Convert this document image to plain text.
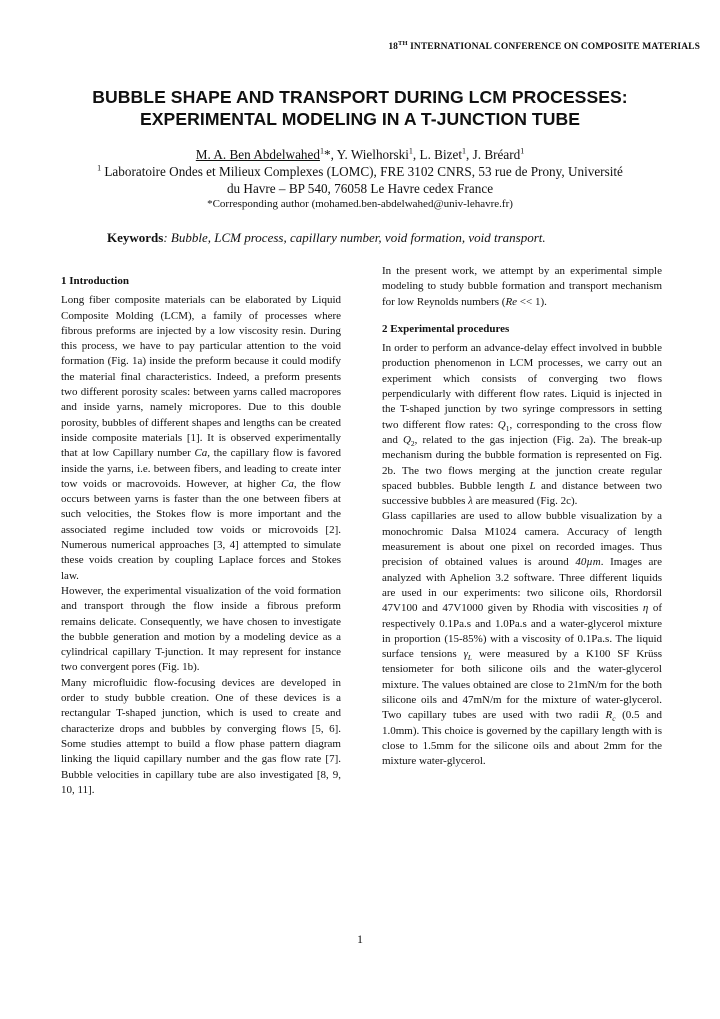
18TH INTERNATIONAL CONFERENCE ON COMPOSITE MATERIALS
BUBBLE SHAPE AND TRANSPORT DURING LCM PROCESSES:
EXPERIMENTAL MODELING IN A T-JUNCTION TUBE
M. A. Ben Abdelwahed$^1$*, Y. Wielhorski$^1$, L. Bizet$^1$, J. Bréard$^1$
$^1$ Laboratoire Ondes et Milieux Complexes (LOMC), FRE 3102 CNRS, 53 rue de Prony, Université
du Havre – BP 540, 76058 Le Havre cedex France
*Corresponding author (mohamed.ben-abdelwahed@univ-lehavre.fr)
Keywords: Bubble, LCM process, capillary number, void formation, void transport.
1 Introduction

Long fiber composite materials can be elaborated by Liquid Composite Molding (LCM), a family of processes where fibrous preforms are injected by a low viscosity resin. During this process, we have to pay particular attention to the void formation (Fig. 1a) inside the preform because it could modify the material final characteristics. Indeed, a preform presents two different porosity scales: between yarns called macropores and inside yarns, namely micropores. Due to this double porosity, bubbles of different shapes and lengths can be created inside composite materials [1]. It is observed experimentally that at low Capillary number Ca, the capillary flow is favored inside the yarns, i.e. between fibers, and leading to create inter tow voids or macrovoids. However, at higher Ca, the flow occurs between yarns is faster than the one between fibers at such velocities, the Stokes flow is more important and the associated regime included tow voids or microvoids [2]. Numerous numerical approaches [3, 4] attempted to simulate these voids creation by coupling Laplace forces and Stokes law.

However, the experimental visualization of the void formation and transport through the flow inside a fibrous preform remains delicate. Consequently, we have chosen to investigate the bubble generation and motion by a modeling device as a cylindrical capillary T-junction. It may represent for instance two convergent pores (Fig. 1b).

Many microfluidic flow-focusing devices are developed in order to study bubble creation. One of these devices is a rectangular T-shaped junction, which is used to create and characterize drops and bubbles by converging flows [5, 6]. Some studies attempt to build a flow phase pattern diagram linking the liquid capillary number and the gas flow rate [7]. Bubble velocities in capillary tube are also investigated [8, 9, 10, 11].

In the present work, we attempt by an experimental simple modeling to study bubble formation and transport mechanism for low Reynolds numbers (Re << 1).

2 Experimental procedures

In order to perform an advance-delay effect involved in bubble production phenomenon in LCM processes, we carry out an experiment which consists of converging two flows perpendicularly with different flow rates. Liquid is injected in the T-shaped junction by two syringe compressors in setting two different flow rates: $Q_1$, corresponding to the cross flow and $Q_2$, related to the gas injection (Fig. 2a). The break-up mechanism during the bubble formation is represented on Fig. 2b. The two flows merging at the junction create regular spaced bubbles. Bubble length L and distance between two successive bubbles λ are measured (Fig. 2c).

Glass capillaries are used to allow bubble visualization by a monochromic Dalsa M1024 camera. Accuracy of length measurement is about one pixel on recorded images. Thus precision of obtained values is around 40µm. Images are analyzed with Aphelion 3.2 software. Three different liquids are used in our experiments: two silicone oils, Rhordorsil 47V100 and 47V1000 given by Rhodia with viscosities η of respectively 0.1Pa.s and 1.0Pa.s and a water-glycerol mixture in proportion (15-85%) with a viscosity of 0.1Pa.s. The liquid surface tensions $\gamma_L$ were measured by a K100 SF Krüss tensiometer for both silicone oils and the water-glycerol mixture. The values obtained are close to 21mN/m for the both silicone oils and 47mN/m for the mixture of water-glycerol. Two capillary tubes are used with two radii $R_c$ (0.5 and 1.0mm). This choice is governed by the capillary length with is close to 1.5mm for the silicone oils and about 2mm for the mixture water-glycerol.

1
